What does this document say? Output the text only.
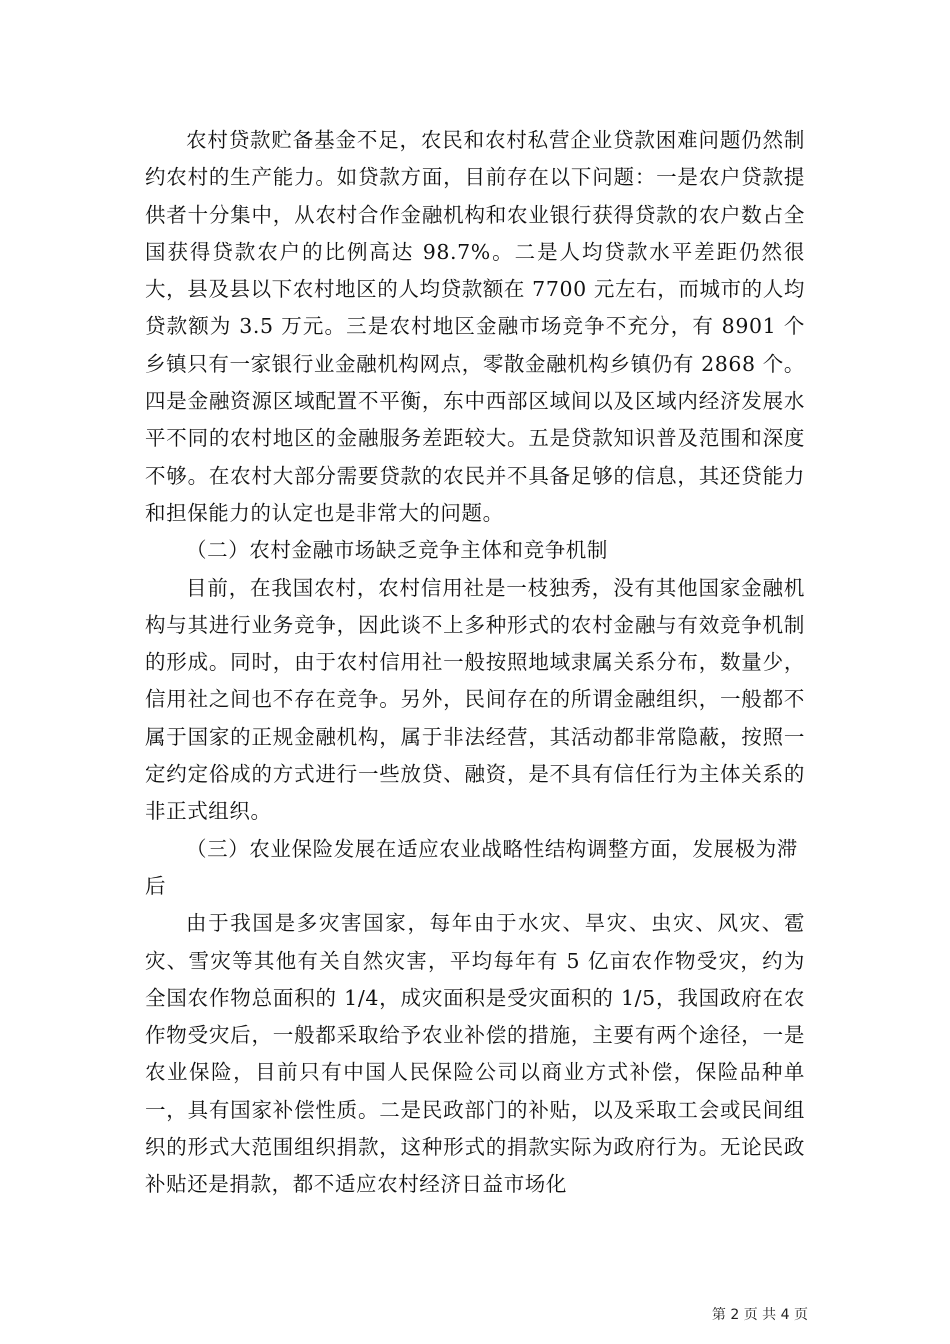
农村贷款贮备基金不足，农民和农村私营企业贷款困难问题仍然制约农村的生产能力。如贷款方面，目前存在以下问题：一是农户贷款提供者十分集中，从农村合作金融机构和农业银行获得贷款的农户数占全国获得贷款农户的比例高达 98.7%。二是人均贷款水平差距仍然很大，县及县以下农村地区的人均贷款额在 7700 元左右，而城市的人均贷款额为 3.5 万元。三是农村地区金融市场竞争不充分，有 8901 个乡镇只有一家银行业金融机构网点，零散金融机构乡镇仍有 2868 个。四是金融资源区域配置不平衡，东中西部区域间以及区域内经济发展水平不同的农村地区的金融服务差距较大。五是贷款知识普及范围和深度不够。在农村大部分需要贷款的农民并不具备足够的信息，其还贷能力和担保能力的认定也是非常大的问题。

（二）农村金融市场缺乏竞争主体和竞争机制

目前，在我国农村，农村信用社是一枝独秀，没有其他国家金融机构与其进行业务竞争，因此谈不上多种形式的农村金融与有效竞争机制的形成。同时，由于农村信用社一般按照地域隶属关系分布，数量少，信用社之间也不存在竞争。另外，民间存在的所谓金融组织，一般都不属于国家的正规金融机构，属于非法经营，其活动都非常隐蔽，按照一定约定俗成的方式进行一些放贷、融资，是不具有信任行为主体关系的非正式组织。

（三）农业保险发展在适应农业战略性结构调整方面，发展极为滞后

由于我国是多灾害国家，每年由于水灾、旱灾、虫灾、风灾、雹灾、雪灾等其他有关自然灾害，平均每年有 5 亿亩农作物受灾，约为全国农作物总面积的 1/4，成灾面积是受灾面积的 1/5，我国政府在农作物受灾后，一般都采取给予农业补偿的措施，主要有两个途径，一是农业保险，目前只有中国人民保险公司以商业方式补偿，保险品种单一，具有国家补偿性质。二是民政部门的补贴，以及采取工会或民间组织的形式大范围组织捐款，这种形式的捐款实际为政府行为。无论民政补贴还是捐款，都不适应农村经济日益市场化

第 2 页 共 4 页
